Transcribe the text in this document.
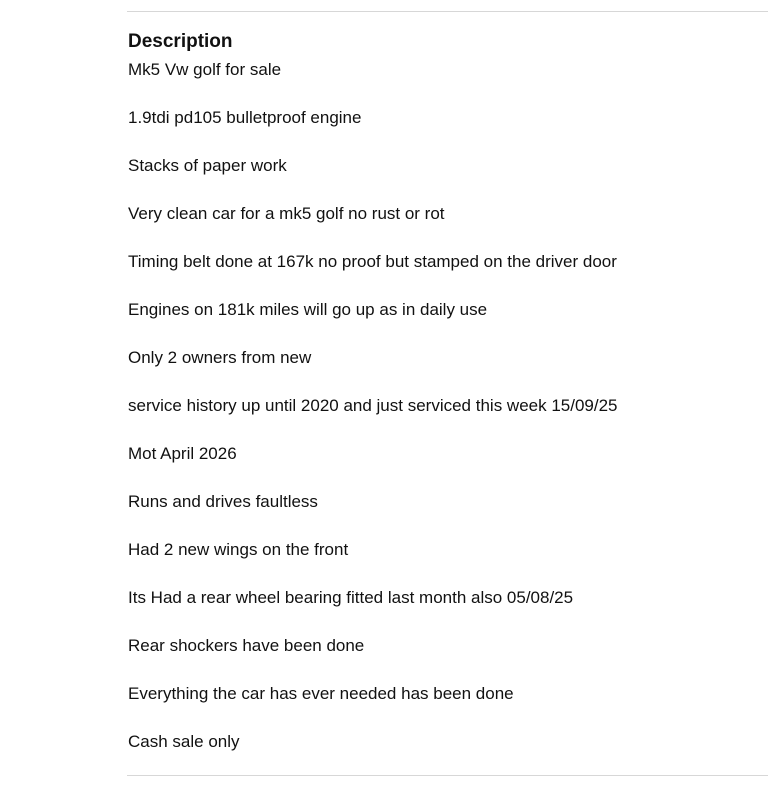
Description

Mk5 Vw golf for sale

1.9tdi pd105 bulletproof engine

Stacks of paper work

Very clean car for a mk5 golf no rust or rot

Timing belt done at 167k no proof but stamped on the driver door

Engines on 181k miles will go up as in daily use

Only 2 owners from new

service history up until 2020 and just serviced this week 15/09/25

Mot April 2026

Runs and drives faultless

Had 2 new wings on the front

Its Had a rear wheel bearing fitted last month also 05/08/25

Rear shockers have been done

Everything the car has ever needed has been done

Cash sale only
